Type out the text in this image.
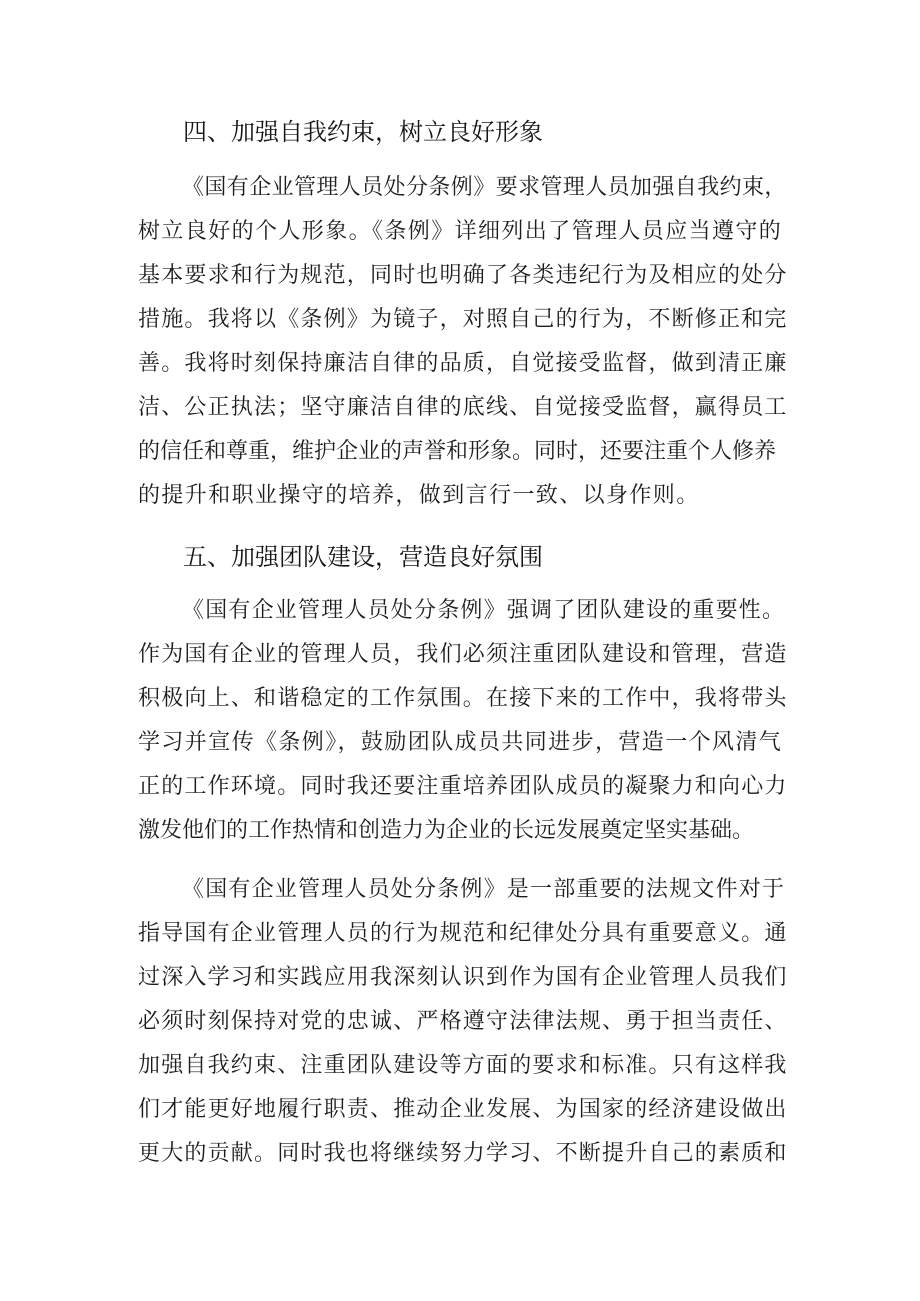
四、加强自我约束，树立良好形象
《国有企业管理人员处分条例》要求管理人员加强自我约束，
树立良好的个人形象。《条例》详细列出了管理人员应当遵守的
基本要求和行为规范，同时也明确了各类违纪行为及相应的处分
措施。我将以《条例》为镜子，对照自己的行为，不断修正和完
善。我将时刻保持廉洁自律的品质，自觉接受监督，做到清正廉
洁、公正执法；坚守廉洁自律的底线、自觉接受监督，赢得员工
的信任和尊重，维护企业的声誉和形象。同时，还要注重个人修养
的提升和职业操守的培养，做到言行一致、以身作则。
五、加强团队建设，营造良好氛围
《国有企业管理人员处分条例》强调了团队建设的重要性。
作为国有企业的管理人员，我们必须注重团队建设和管理，营造
积极向上、和谐稳定的工作氛围。在接下来的工作中，我将带头
学习并宣传《条例》，鼓励团队成员共同进步，营造一个风清气
正的工作环境。同时我还要注重培养团队成员的凝聚力和向心力
激发他们的工作热情和创造力为企业的长远发展奠定坚实基础。
《国有企业管理人员处分条例》是一部重要的法规文件对于
指导国有企业管理人员的行为规范和纪律处分具有重要意义。通
过深入学习和实践应用我深刻认识到作为国有企业管理人员我们
必须时刻保持对党的忠诚、严格遵守法律法规、勇于担当责任、
加强自我约束、注重团队建设等方面的要求和标准。只有这样我
们才能更好地履行职责、推动企业发展、为国家的经济建设做出
更大的贡献。同时我也将继续努力学习、不断提升自己的素质和
